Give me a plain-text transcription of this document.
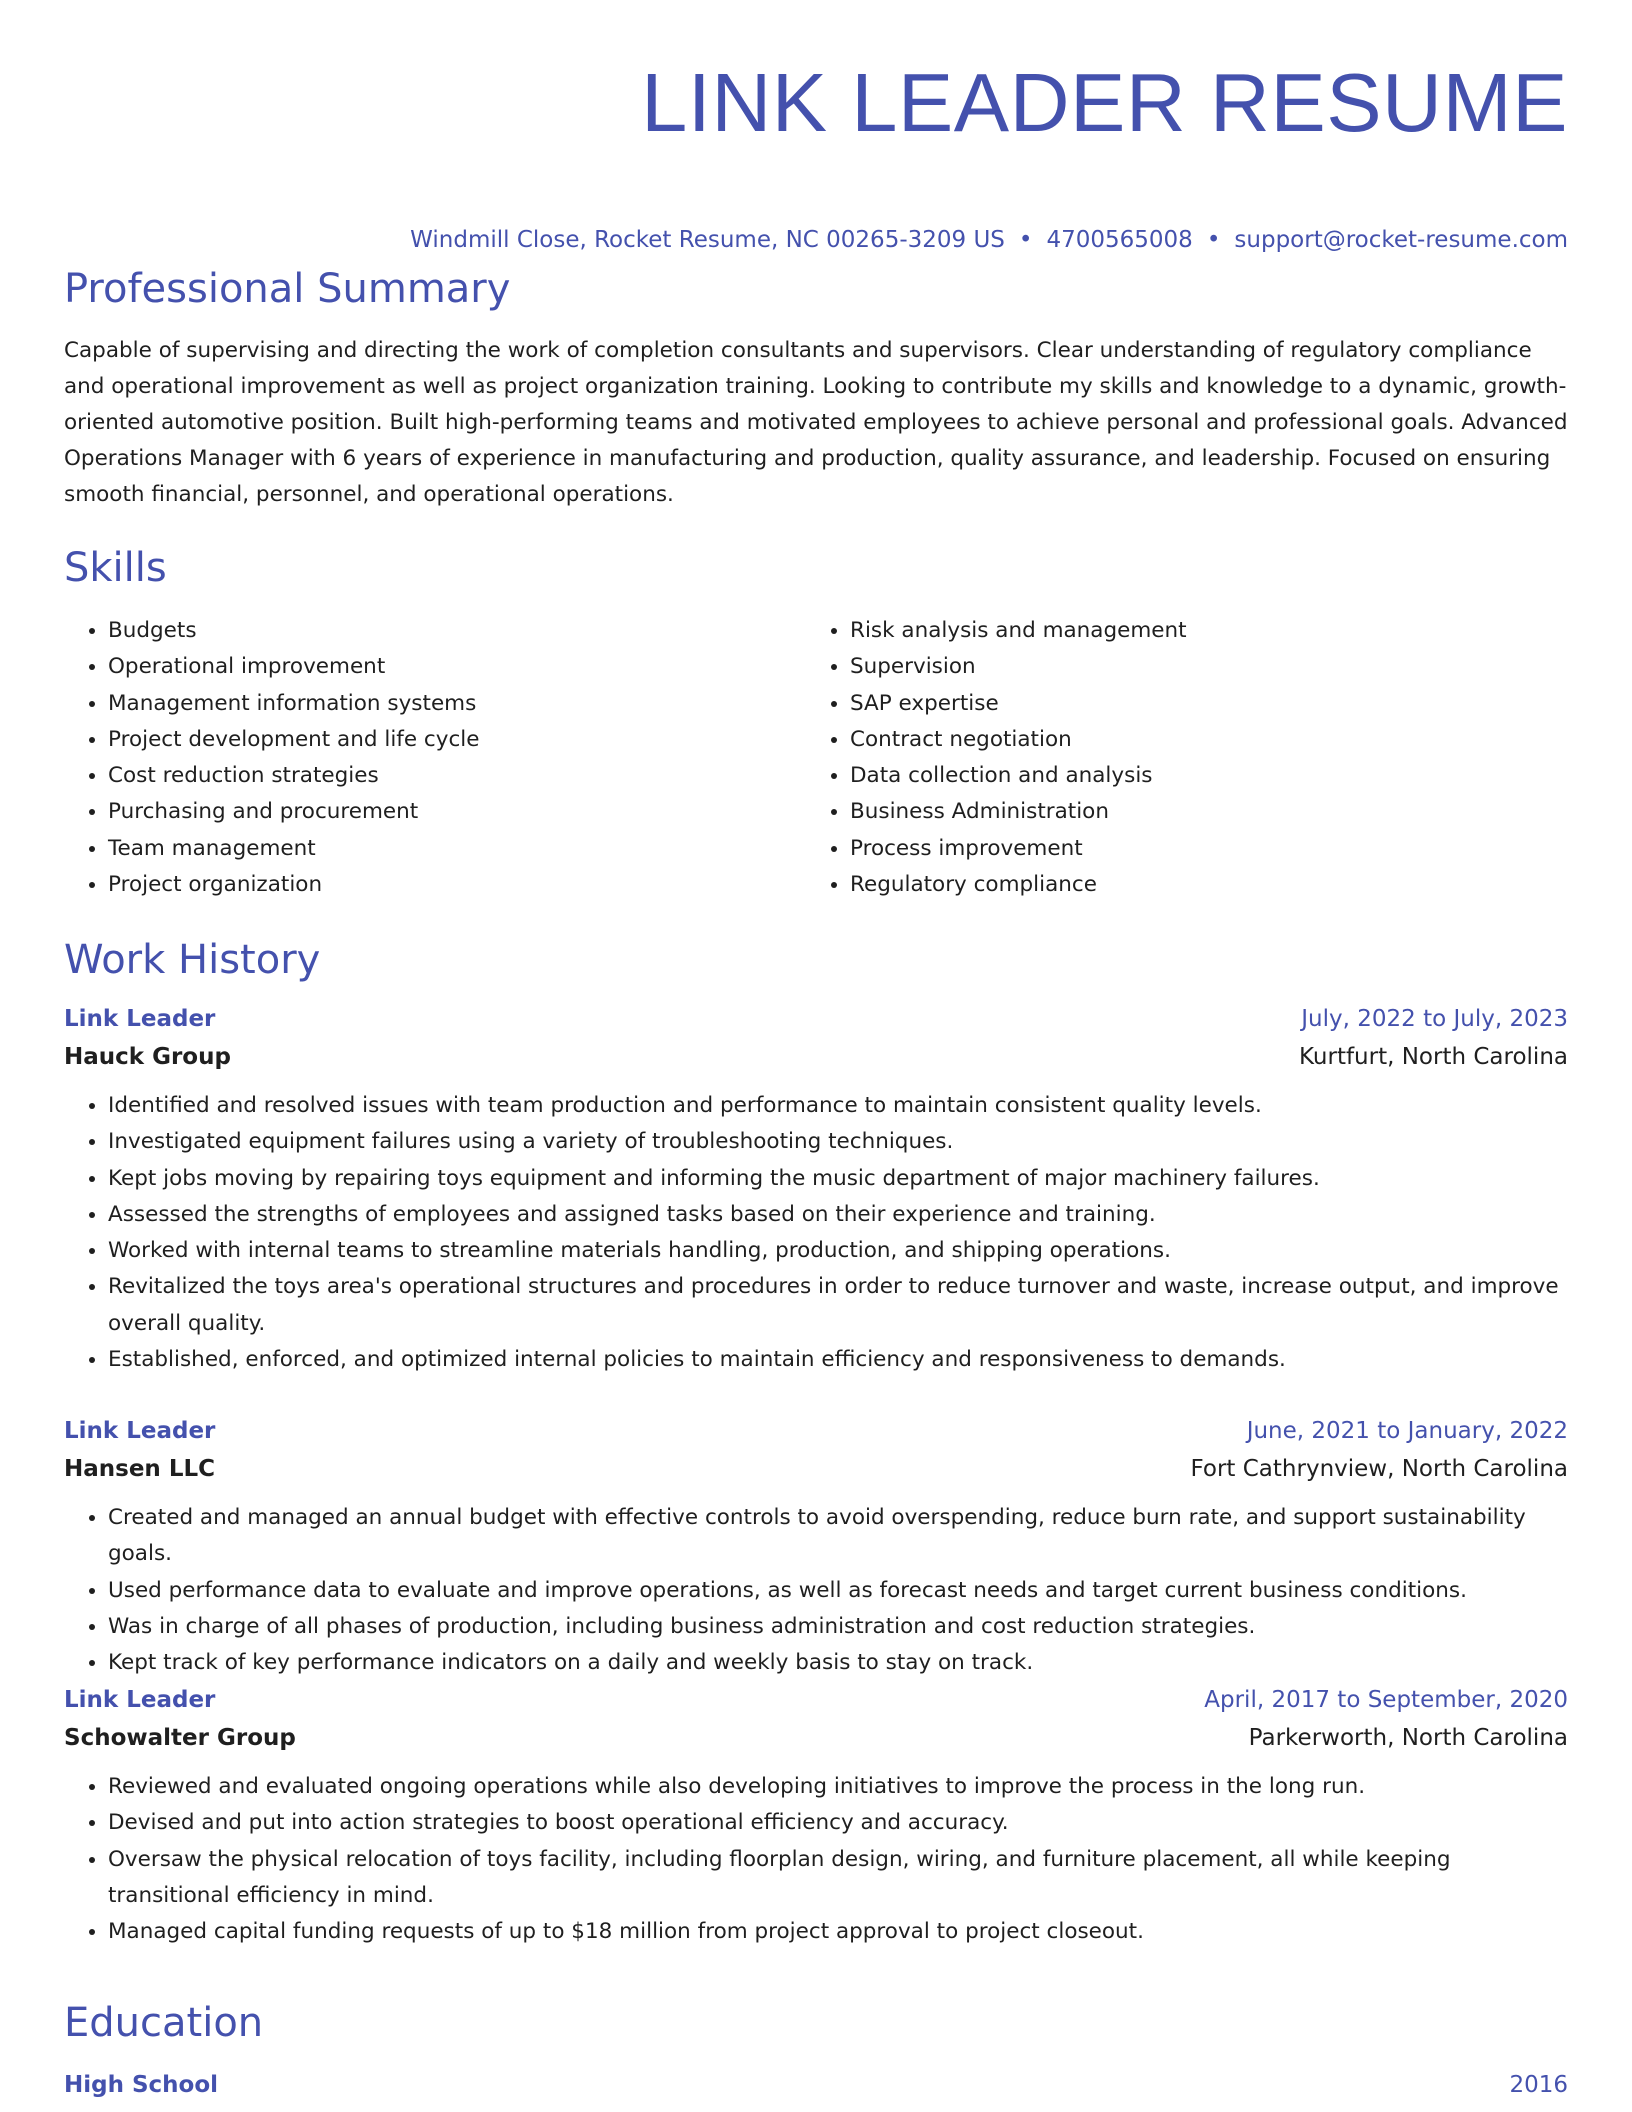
LINK LEADER RESUME
Windmill Close, Rocket Resume, NC 00265-3209 US • 4700565008 • support@rocket-resume.com
Professional Summary
Capable of supervising and directing the work of completion consultants and supervisors. Clear understanding of regulatory compliance and operational improvement as well as project organization training. Looking to contribute my skills and knowledge to a dynamic, growth-oriented automotive position. Built high-performing teams and motivated employees to achieve personal and professional goals. Advanced Operations Manager with 6 years of experience in manufacturing and production, quality assurance, and leadership. Focused on ensuring smooth financial, personnel, and operational operations.
Skills
• Budgets
• Operational improvement
• Management information systems
• Project development and life cycle
• Cost reduction strategies
• Purchasing and procurement
• Team management
• Project organization
• Risk analysis and management
• Supervision
• SAP expertise
• Contract negotiation
• Data collection and analysis
• Business Administration
• Process improvement
• Regulatory compliance
Work History
Link Leader	July, 2022 to July, 2023
Hauck Group	Kurtfurt, North Carolina
• Identified and resolved issues with team production and performance to maintain consistent quality levels.
• Investigated equipment failures using a variety of troubleshooting techniques.
• Kept jobs moving by repairing toys equipment and informing the music department of major machinery failures.
• Assessed the strengths of employees and assigned tasks based on their experience and training.
• Worked with internal teams to streamline materials handling, production, and shipping operations.
• Revitalized the toys area's operational structures and procedures in order to reduce turnover and waste, increase output, and improve overall quality.
• Established, enforced, and optimized internal policies to maintain efficiency and responsiveness to demands.
Link Leader	June, 2021 to January, 2022
Hansen LLC	Fort Cathrynview, North Carolina
• Created and managed an annual budget with effective controls to avoid overspending, reduce burn rate, and support sustainability goals.
• Used performance data to evaluate and improve operations, as well as forecast needs and target current business conditions.
• Was in charge of all phases of production, including business administration and cost reduction strategies.
• Kept track of key performance indicators on a daily and weekly basis to stay on track.
Link Leader	April, 2017 to September, 2020
Schowalter Group	Parkerworth, North Carolina
• Reviewed and evaluated ongoing operations while also developing initiatives to improve the process in the long run.
• Devised and put into action strategies to boost operational efficiency and accuracy.
• Oversaw the physical relocation of toys facility, including floorplan design, wiring, and furniture placement, all while keeping transitional efficiency in mind.
• Managed capital funding requests of up to $18 million from project approval to project closeout.
Education
High School	2016
